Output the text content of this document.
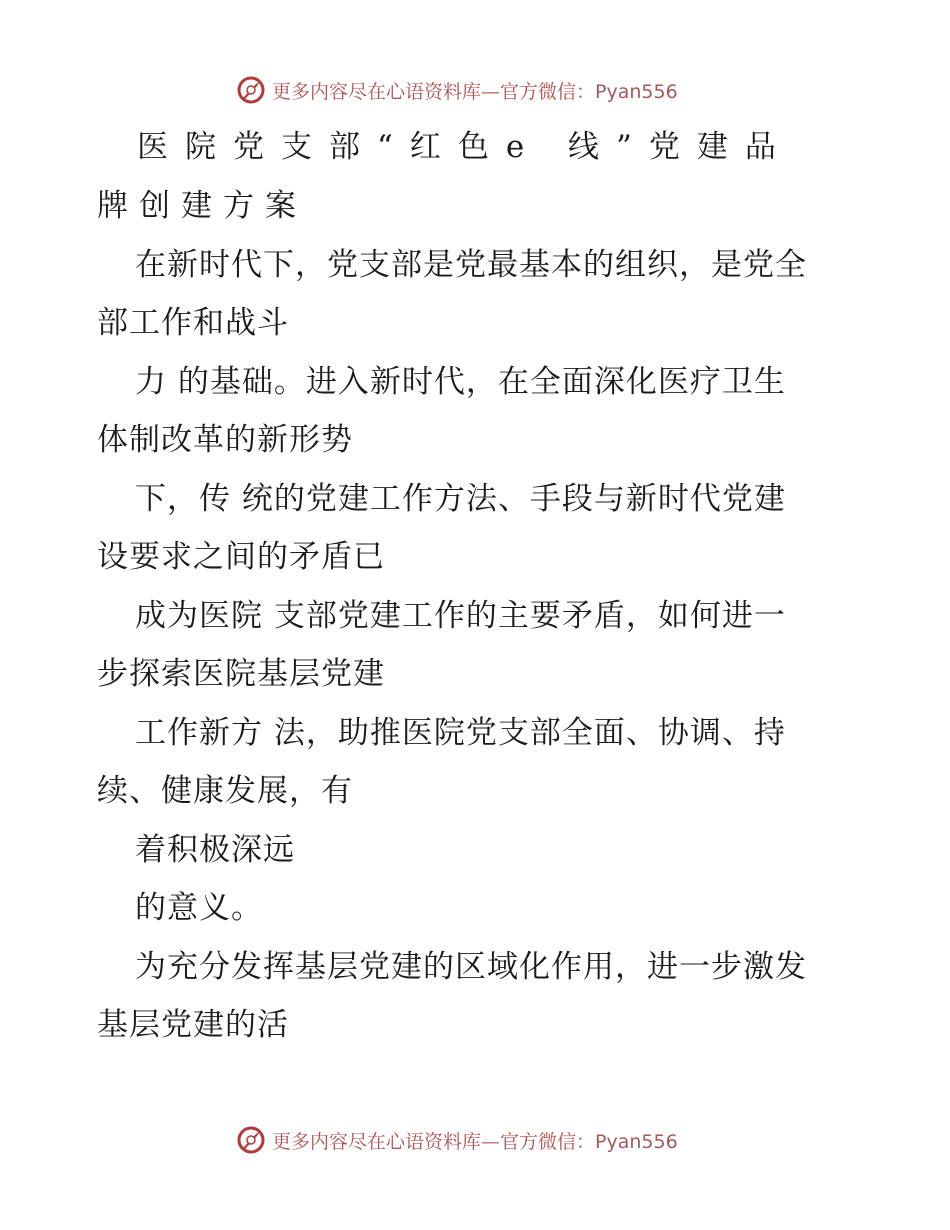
更多内容尽在心语资料库—官方微信：Pyan556
医院党支部“红色e 线”党建品
牌创建方案
在新时代下，党支部是党最基本的组织，是党全
部工作和战斗
力 的基础。进入新时代，在全面深化医疗卫生
体制改革的新形势
下，传 统的党建工作方法、手段与新时代党建
设要求之间的矛盾已
成为医院 支部党建工作的主要矛盾，如何进一
步探索医院基层党建
工作新方 法，助推医院党支部全面、协调、持
续、健康发展，有
着积极深远
的意义。
为充分发挥基层党建的区域化作用，进一步激发
基层党建的活
更多内容尽在心语资料库—官方微信：Pyan556
